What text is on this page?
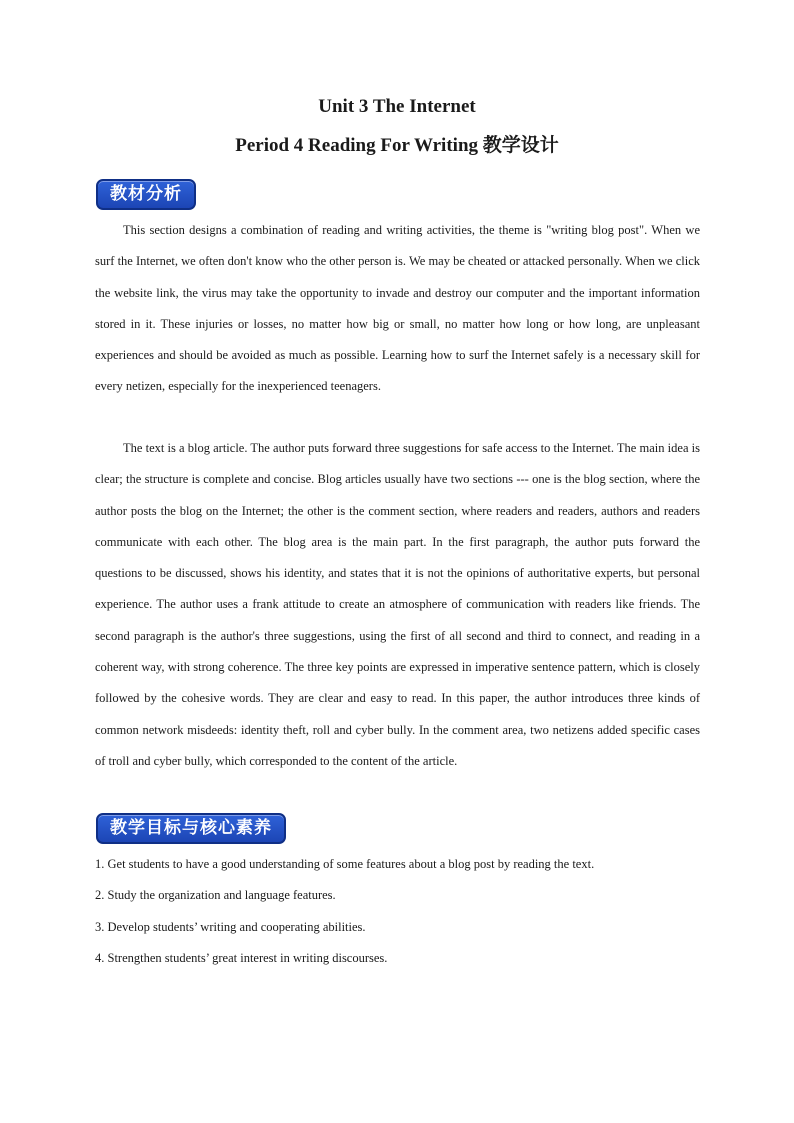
Unit 3 The Internet
Period 4 Reading For Writing 教学设计
教材分析

This section designs a combination of reading and writing activities, the theme is "writing blog post". When we surf the Internet, we often don't know who the other person is. We may be cheated or attacked personally. When we click the website link, the virus may take the opportunity to invade and destroy our computer and the important information stored in it. These injuries or losses, no matter how big or small, no matter how long or how long, are unpleasant experiences and should be avoided as much as possible. Learning how to surf the Internet safely is a necessary skill for every netizen, especially for the inexperienced teenagers.

The text is a blog article. The author puts forward three suggestions for safe access to the Internet. The main idea is clear; the structure is complete and concise. Blog articles usually have two sections --- one is the blog section, where the author posts the blog on the Internet; the other is the comment section, where readers and readers, authors and readers communicate with each other. The blog area is the main part. In the first paragraph, the author puts forward the questions to be discussed, shows his identity, and states that it is not the opinions of authoritative experts, but personal experience. The author uses a frank attitude to create an atmosphere of communication with readers like friends. The second paragraph is the author's three suggestions, using the first of all second and third to connect, and reading in a coherent way, with strong coherence. The three key points are expressed in imperative sentence pattern, which is closely followed by the cohesive words. They are clear and easy to read. In this paper, the author introduces three kinds of common network misdeeds: identity theft, roll and cyber bully. In the comment area, two netizens added specific cases of troll and cyber bully, which corresponded to the content of the article.

教学目标与核心素养
1. Get students to have a good understanding of some features about a blog post by reading the text.
2. Study the organization and language features.
3. Develop students’ writing and cooperating abilities.
4. Strengthen students’ great interest in writing discourses.
